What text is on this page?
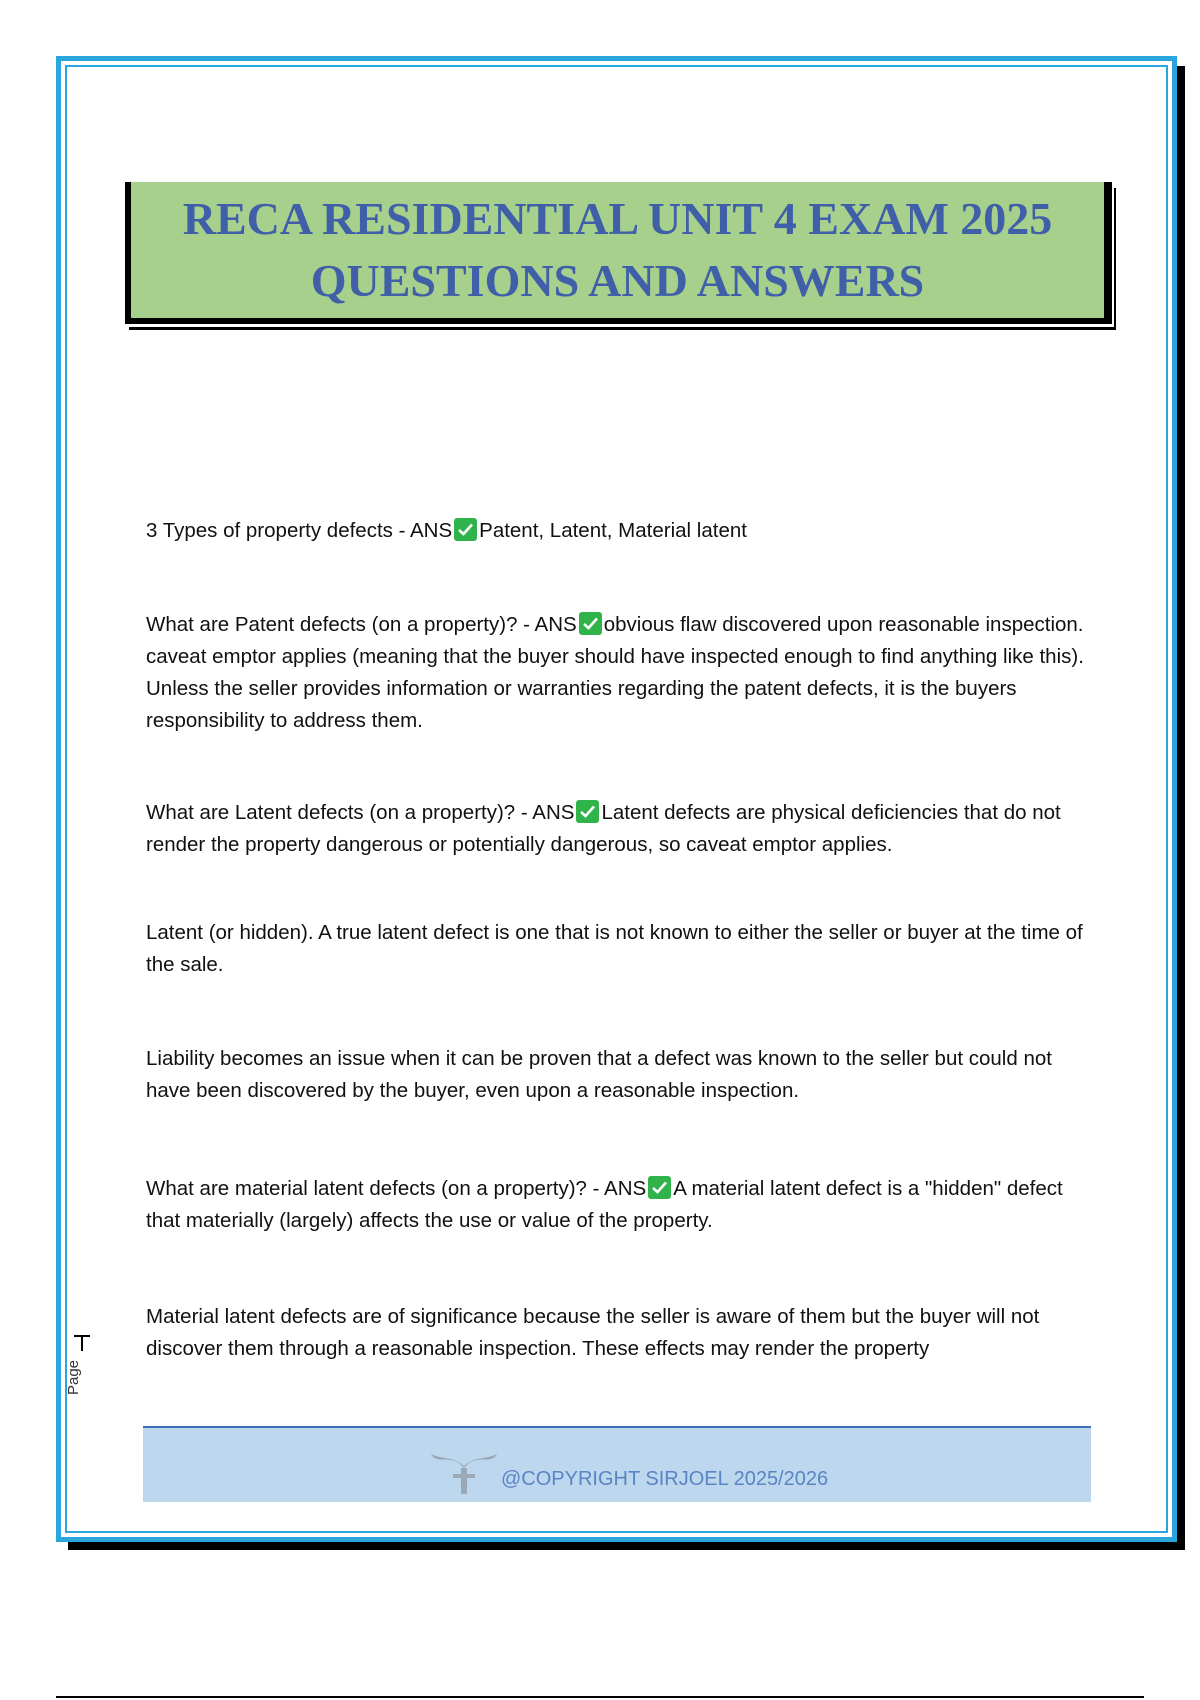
RECA RESIDENTIAL UNIT 4 EXAM 2025
QUESTIONS AND ANSWERS

3 Types of property defects - ANS Patent, Latent, Material latent

What are Patent defects (on a property)? - ANS obvious flaw discovered upon reasonable inspection. caveat emptor applies (meaning that the buyer should have inspected enough to find anything like this). Unless the seller provides information or warranties regarding the patent defects, it is the buyers responsibility to address them.

What are Latent defects (on a property)? - ANS Latent defects are physical deficiencies that do not render the property dangerous or potentially dangerous, so caveat emptor applies.

Latent (or hidden). A true latent defect is one that is not known to either the seller or buyer at the time of the sale.

Liability becomes an issue when it can be proven that a defect was known to the seller but could not have been discovered by the buyer, even upon a reasonable inspection.

What are material latent defects (on a property)? - ANS A material latent defect is a "hidden" defect that materially (largely) affects the use or value of the property.

Material latent defects are of significance because the seller is aware of them but the buyer will not discover them through a reasonable inspection. These effects may render the property

Page
@COPYRIGHT SIRJOEL 2025/2026
